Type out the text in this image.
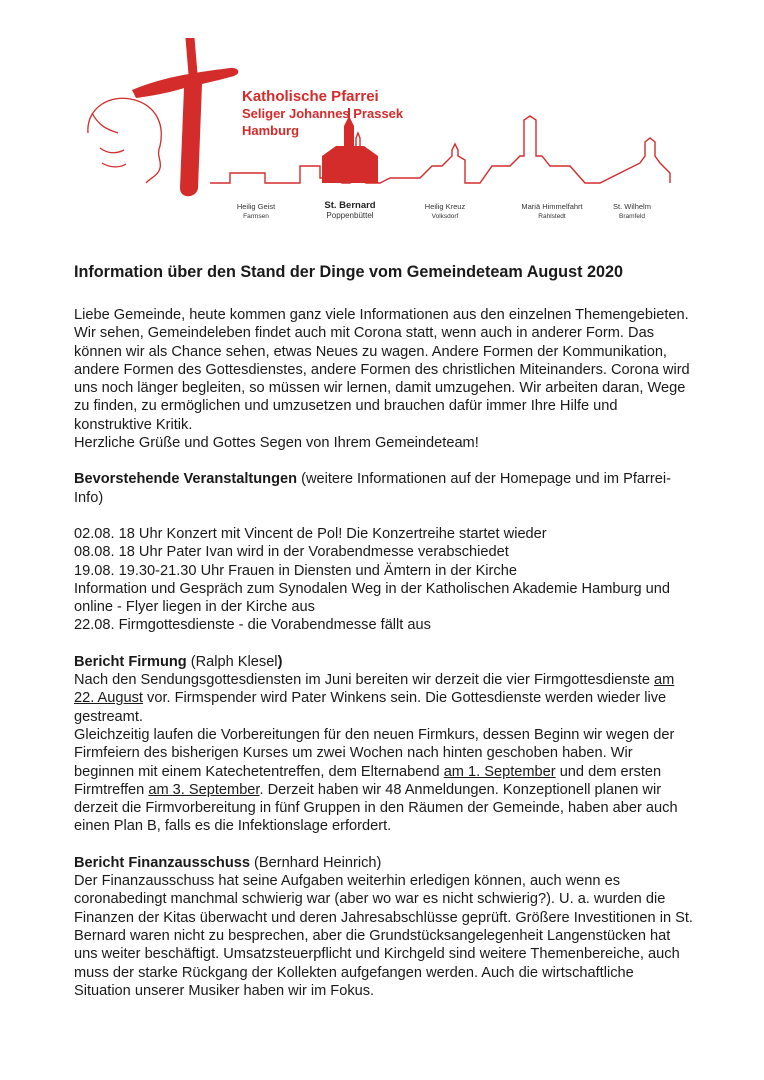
Katholische Pfarrei
Seliger Johannes Prassek
Hamburg
Heilig Geist
Farmsen
St. Bernard
Poppenbüttel
Heilig Kreuz
Volksdorf
Mariä Himmelfahrt
Rahlstedt
St. Wilhelm
Bramfeld
Information über den Stand der Dinge vom Gemeindeteam August 2020

Liebe Gemeinde, heute kommen ganz viele Informationen aus den einzelnen Themengebieten. Wir sehen, Gemeindeleben findet auch mit Corona statt, wenn auch in anderer Form. Das können wir als Chance sehen, etwas Neues zu wagen. Andere Formen der Kommunikation, andere Formen des Gottesdienstes, andere Formen des christlichen Miteinanders. Corona wird uns noch länger begleiten, so müssen wir lernen, damit umzugehen. Wir arbeiten daran, Wege zu finden, zu ermöglichen und umzusetzen und brauchen dafür immer Ihre Hilfe und konstruktive Kritik.

Herzliche Grüße und Gottes Segen von Ihrem Gemeindeteam!

Bevorstehende Veranstaltungen (weitere Informationen auf der Homepage und im Pfarrei-Info)

02.08. 18 Uhr Konzert mit Vincent de Pol! Die Konzertreihe startet wieder

08.08. 18 Uhr Pater Ivan wird in der Vorabendmesse verabschiedet

19.08. 19.30-21.30 Uhr Frauen in Diensten und Ämtern in der Kirche

Information und Gespräch zum Synodalen Weg in der Katholischen Akademie Hamburg und online - Flyer liegen in der Kirche aus

22.08. Firmgottesdienste - die Vorabendmesse fällt aus

Bericht Firmung (Ralph Klesel)

Nach den Sendungsgottesdiensten im Juni bereiten wir derzeit die vier Firmgottesdienste am 22. August vor. Firmspender wird Pater Winkens sein. Die Gottesdienste werden wieder live gestreamt.

Gleichzeitig laufen die Vorbereitungen für den neuen Firmkurs, dessen Beginn wir wegen der Firmfeiern des bisherigen Kurses um zwei Wochen nach hinten geschoben haben. Wir beginnen mit einem Katechetentreffen, dem Elternabend am 1. September und dem ersten Firmtreffen am 3. September. Derzeit haben wir 48 Anmeldungen. Konzeptionell planen wir derzeit die Firmvorbereitung in fünf Gruppen in den Räumen der Gemeinde, haben aber auch einen Plan B, falls es die Infektionslage erfordert.

Bericht Finanzausschuss (Bernhard Heinrich)

Der Finanzausschuss hat seine Aufgaben weiterhin erledigen können, auch wenn es coronabedingt manchmal schwierig war (aber wo war es nicht schwierig?). U. a. wurden die Finanzen der Kitas überwacht und deren Jahresabschlüsse geprüft. Größere Investitionen in St. Bernard waren nicht zu besprechen, aber die Grundstücksangelegenheit Langenstücken hat uns weiter beschäftigt. Umsatzsteuerpflicht und Kirchgeld sind weitere Themenbereiche, auch muss der starke Rückgang der Kollekten aufgefangen werden. Auch die wirtschaftliche Situation unserer Musiker haben wir im Fokus.
